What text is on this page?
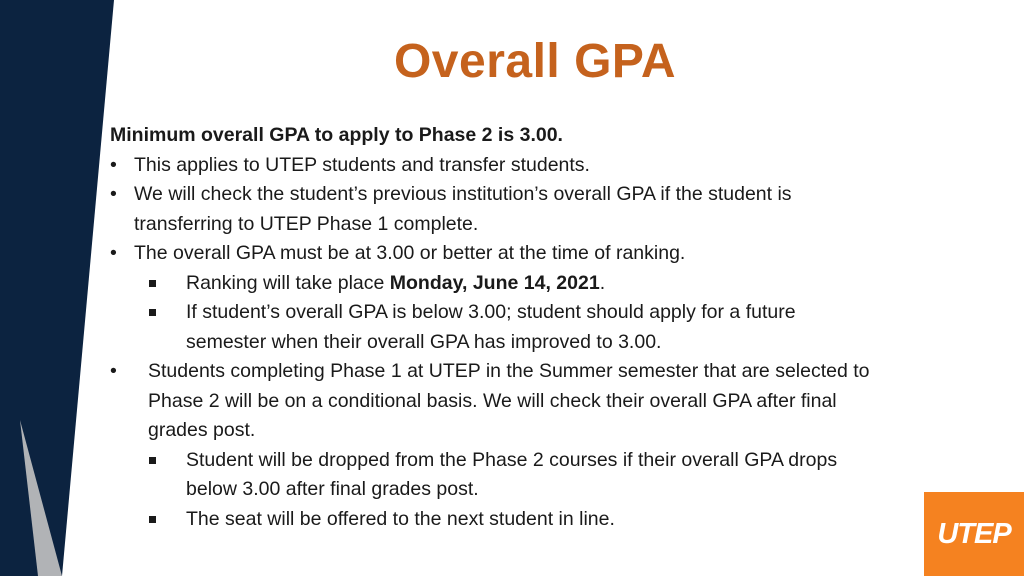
Overall GPA
Minimum overall GPA to apply to Phase 2 is 3.00.
• This applies to UTEP students and transfer students.
• We will check the student’s previous institution’s overall GPA if the student is
transferring to UTEP Phase 1 complete.
• The overall GPA must be at 3.00 or better at the time of ranking.
Ranking will take place Monday, June 14, 2021.
If student’s overall GPA is below 3.00; student should apply for a future
semester when their overall GPA has improved to 3.00.
• Students completing Phase 1 at UTEP in the Summer semester that are selected to
Phase 2 will be on a conditional basis. We will check their overall GPA after final
grades post.
Student will be dropped from the Phase 2 courses if their overall GPA drops
below 3.00 after final grades post.
The seat will be offered to the next student in line.	UTEP
